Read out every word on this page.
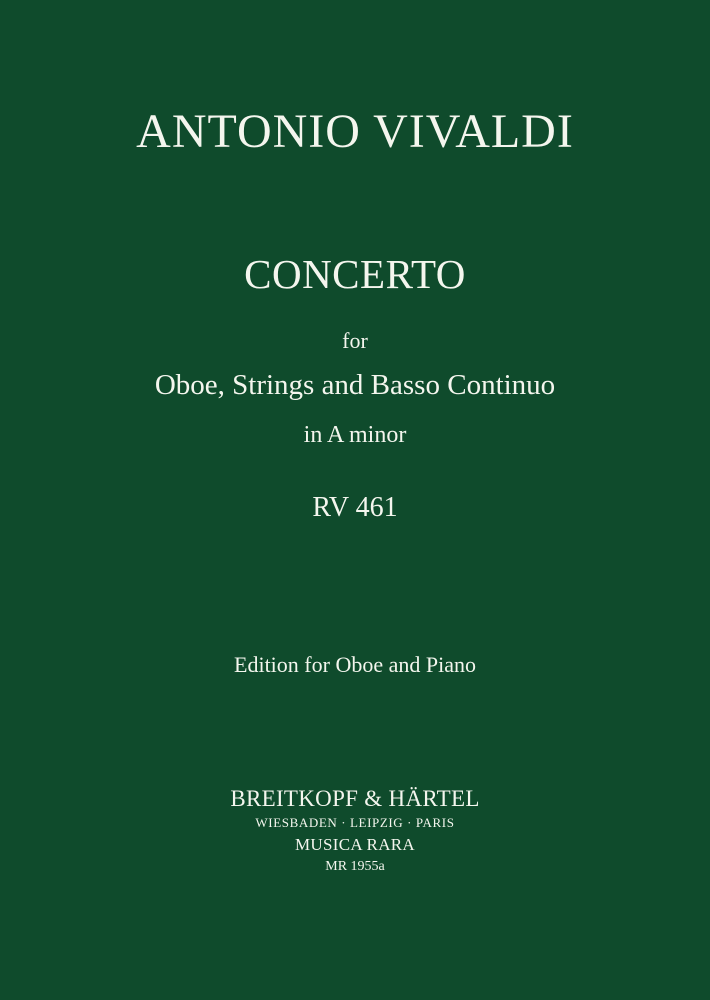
ANTONIO VIVALDI
CONCERTO
for
Oboe, Strings and Basso Continuo
in A minor
RV 461
Edition for Oboe and Piano
BREITKOPF & HÄRTEL
WIESBADEN · LEIPZIG · PARIS
MUSICA RARA
MR 1955a
